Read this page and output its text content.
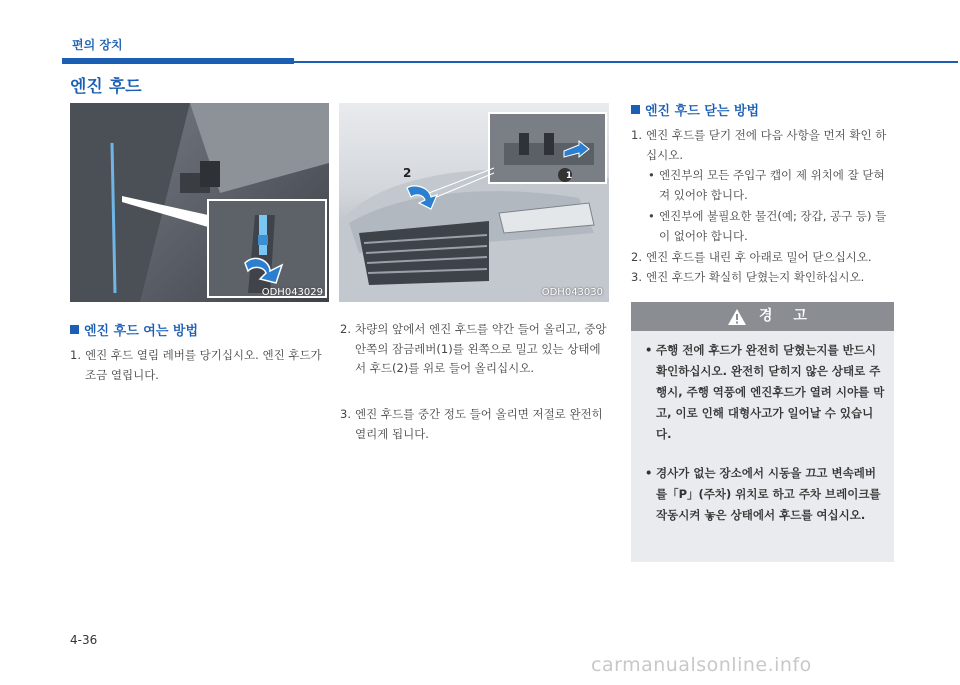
편의 장치
엔진 후드
ODH043029
2	1
ODH043030
엔진 후드 여는 방법
1. 엔진 후드 열림 레버를 당기십시오. 엔진 후드가 조금 열립니다.
2. 차량의 앞에서 엔진 후드를 약간 들어 올리고, 중앙 안쪽의 잠금레버(1)를 왼쪽으로 밀고 있는 상태에서 후드(2)를 위로 들어 올리십시오.
3. 엔진 후드를 중간 정도 들어 올리면 저절로 완전히 열리게 됩니다.
엔진 후드 닫는 방법
1. 엔진 후드를 닫기 전에 다음 사항을 먼저 확인 하십시오.
• 엔진부의 모든 주입구 캡이 제 위치에 잘 닫혀져 있어야 합니다.
• 엔진부에 불필요한 물건(예; 장갑, 공구 등) 들이 없어야 합니다.
2. 엔진 후드를 내린 후 아래로 밀어 닫으십시오.
3. 엔진 후드가 확실히 닫혔는지 확인하십시오.
경 고
• 주행 전에 후드가 완전히 닫혔는지를 반드시 확인하십시오. 완전히 닫히지 않은 상태로 주행시, 주행 역풍에 엔진후드가 열려 시야를 막고, 이로 인해 대형사고가 일어날 수 있습니다.
• 경사가 없는 장소에서 시동을 끄고 변속레버를「P」(주차) 위치로 하고 주차 브레이크를 작동시켜 놓은 상태에서 후드를 여십시오.
4-36
carmanualsonline.info
